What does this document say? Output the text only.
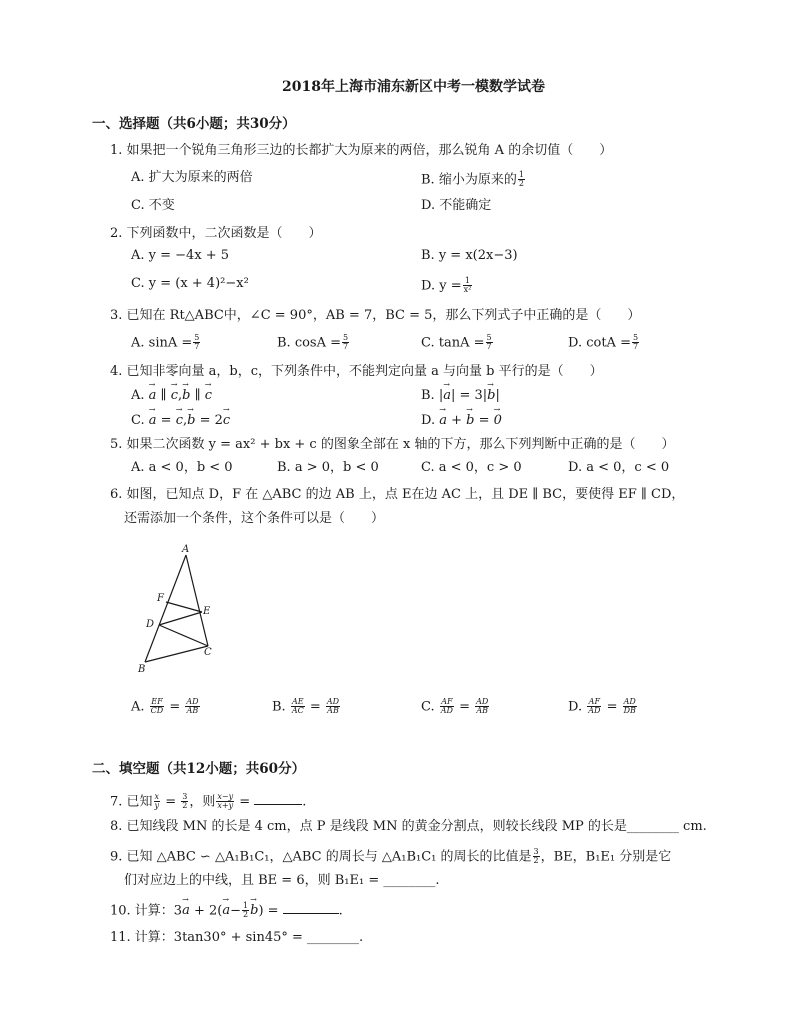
2018年上海市浦东新区中考一模数学试卷
一、选择题（共6小题；共30分）
1. 如果把一个锐角三角形三边的长都扩大为原来的两倍，那么锐角 A 的余切值（　　）
A. 扩大为原来的两倍	B. 缩小为原来的 $\frac{1}{2}$
C. 不变	D. 不能确定
2. 下列函数中，二次函数是（　　）
A. y = −4x + 5	B. y = x(2x−3)
C. y = (x + 4)²−x²	D. $y = \frac{1}{\text{x²}}$
3. 已知在 Rt△ABC中，∠C = 90°，AB = 7，BC = 5，那么下列式子中正确的是（　　）
A. $\sin A = \frac{5}{7}$	B. $\cos A = \frac{5}{7}$	C. $\tan A = \frac{5}{7}$	D. $\cot A = \frac{5}{7}$
4. 已知非零向量 a，b，c，下列条件中，不能判定向量 a 与向量 b 平行的是（　　）
A. → a ∥ → c,→ b ∥ → c	B. |→ a| = 3|→ b|
C. → a = → c,→ b = 2→ c	D. → a + → b = → 0
5. 如果二次函数 y = ax² + bx + c 的图象全部在 x 轴的下方，那么下列判断中正确的是（　　）
A. a < 0，b < 0	B. a > 0，b < 0	C. a < 0，c > 0	D. a < 0，c < 0
6. 如图，已知点 D，F 在 △ABC 的边 AB 上，点 E在边 AC 上，且 DE ∥ BC，要使得 EF ∥ CD，
还需添加一个条件，这个条件可以是（　　）
A
F
E
D
C
B
A. $\frac{EF}{CD} = \frac{AD}{AB}$	B. $\frac{AE}{AC} = \frac{AD}{AB}$	C. $\frac{AF}{AD} = \frac{AD}{AB}$	D. $\frac{AF}{AD} = \frac{AD}{DB}$
二、填空题（共12小题；共60分）
7. 已知 $\frac{x}{y} = \frac{3}{2}$ ，则 $\frac{x-y}{x+y}$ =	.
8. 已知线段 MN 的长是 4 cm，点 P 是线段 MN 的黄金分割点，则较长线段 MP 的长是________ cm.
9. 已知 △ABC ∽ △A₁B₁C₁，△ABC 的周长与 △A₁B₁C₁ 的周长的比值是 $\frac{3}{2}$ ，BE，B₁E₁ 分别是它
们对应边上的中线，且 BE = 6，则 B₁E₁ = ________.
10. 计算：$3\to a + 2(\to a- \frac{1}{2}$
→ b) =	.
11. 计算：3tan30° + sin45° = ________.
